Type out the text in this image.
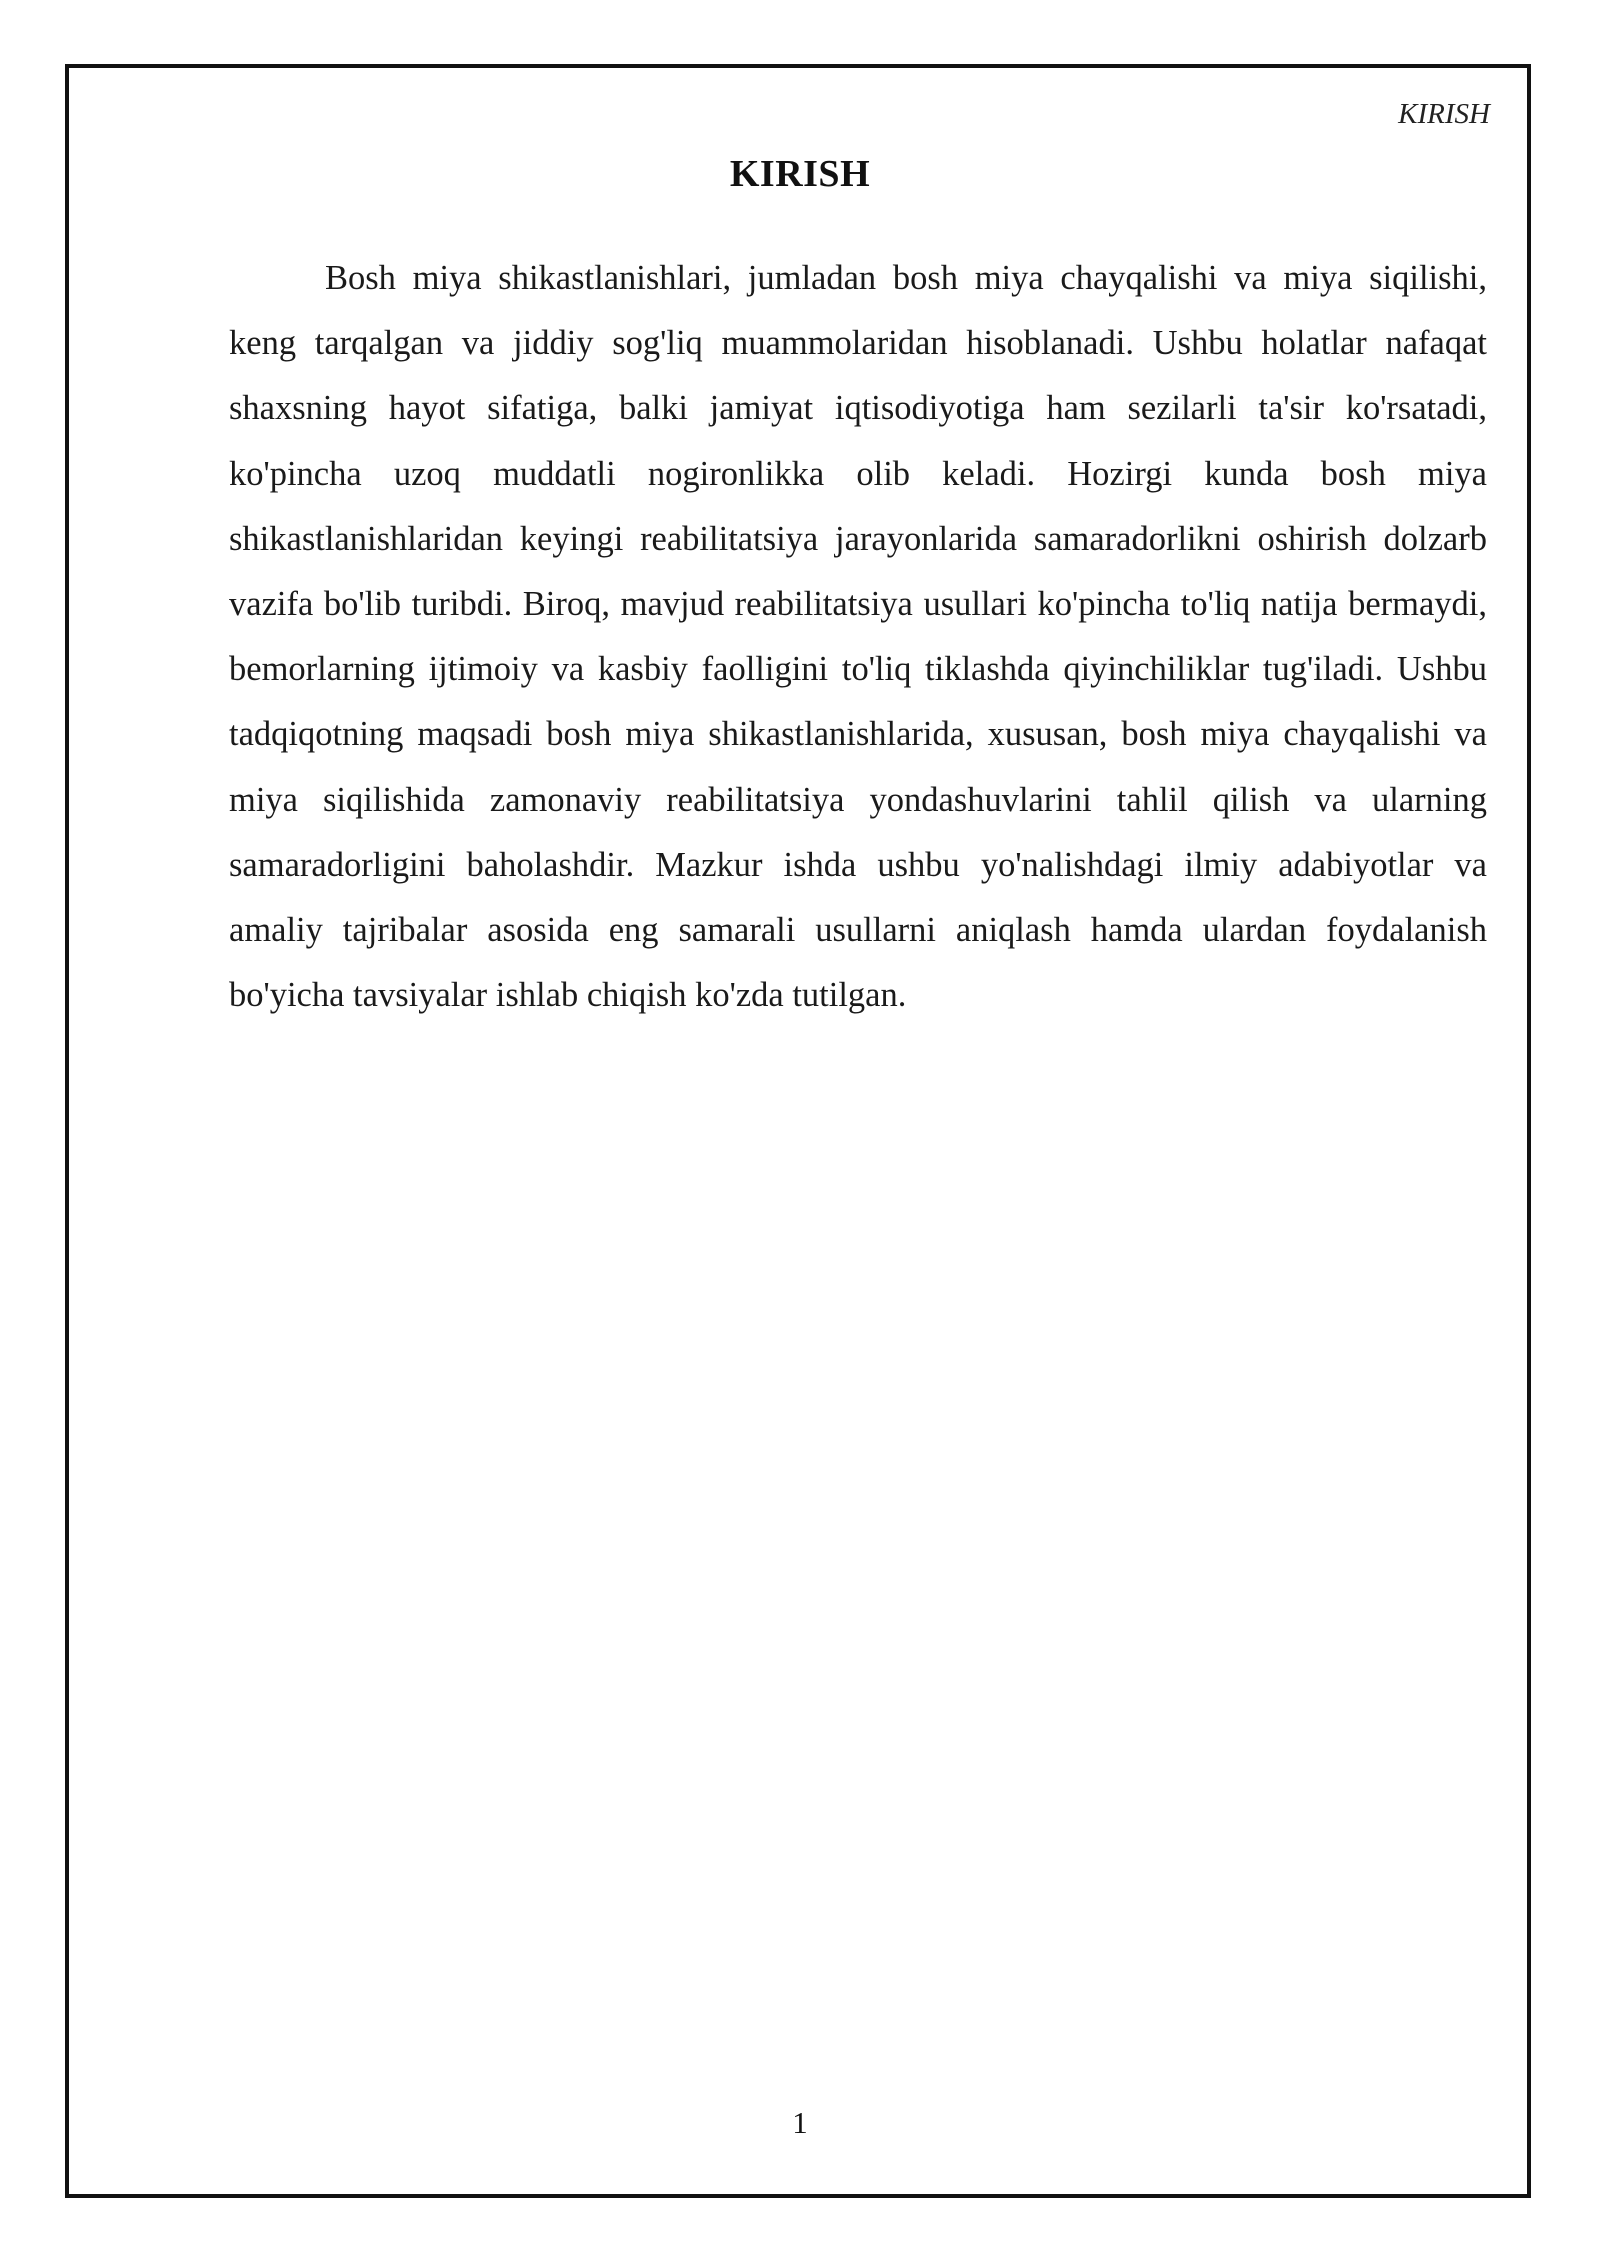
KIRISH
KIRISH

Bosh miya shikastlanishlari, jumladan bosh miya chayqalishi va miya siqilishi, keng tarqalgan va jiddiy sog'liq muammolaridan hisoblanadi. Ushbu holatlar nafaqat shaxsning hayot sifatiga, balki jamiyat iqtisodiyotiga ham sezilarli ta'sir ko'rsatadi, ko'pincha uzoq muddatli nogironlikka olib keladi. Hozirgi kunda bosh miya shikastlanishlaridan keyingi reabilitatsiya jarayonlarida samaradorlikni oshirish dolzarb vazifa bo'lib turibdi. Biroq, mavjud reabilitatsiya usullari ko'pincha to'liq natija bermaydi, bemorlarning ijtimoiy va kasbiy faolligini to'liq tiklashda qiyinchiliklar tug'iladi. Ushbu tadqiqotning maqsadi bosh miya shikastlanishlarida, xususan, bosh miya chayqalishi va miya siqilishida zamonaviy reabilitatsiya yondashuvlarini tahlil qilish va ularning samaradorligini baholashdir. Mazkur ishda ushbu yo'nalishdagi ilmiy adabiyotlar va amaliy tajribalar asosida eng samarali usullarni aniqlash hamda ulardan foydalanish bo'yicha tavsiyalar ishlab chiqish ko'zda tutilgan.

1
